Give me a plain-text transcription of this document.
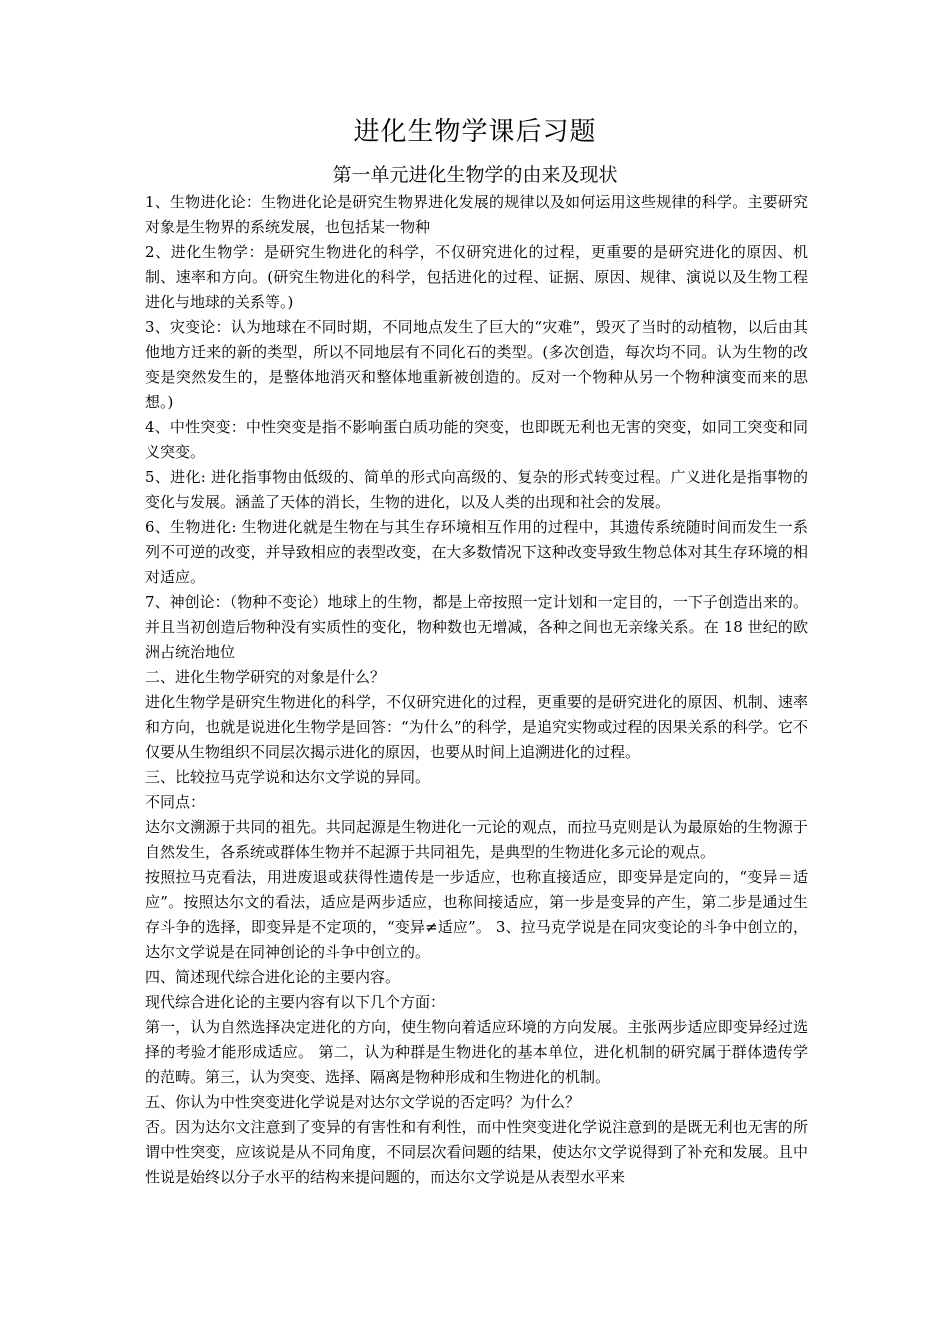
进化生物学课后习题
第一单元进化生物学的由来及现状

1、生物进化论：生物进化论是研究生物界进化发展的规律以及如何运用这些规律的科学。主要研究对象是生物界的系统发展，也包括某一物种

2、进化生物学：是研究生物进化的科学，不仅研究进化的过程，更重要的是研究进化的原因、机制、速率和方向。(研究生物进化的科学，包括进化的过程、证据、原因、规律、演说以及生物工程进化与地球的关系等。)

3、灾变论：认为地球在不同时期，不同地点发生了巨大的“灾难”，毁灭了当时的动植物，以后由其他地方迁来的新的类型，所以不同地层有不同化石的类型。(多次创造，每次均不同。认为生物的改变是突然发生的，是整体地消灭和整体地重新被创造的。反对一个物种从另一个物种演变而来的思想。)

4、中性突变：中性突变是指不影响蛋白质功能的突变，也即既无利也无害的突变，如同工突变和同义突变。

5、进化: 进化指事物由低级的、简单的形式向高级的、复杂的形式转变过程。广义进化是指事物的变化与发展。涵盖了天体的消长，生物的进化，以及人类的出现和社会的发展。

6、生物进化: 生物进化就是生物在与其生存环境相互作用的过程中，其遗传系统随时间而发生一系列不可逆的改变，并导致相应的表型改变，在大多数情况下这种改变导致生物总体对其生存环境的相对适应。

7、神创论：（物种不变论）地球上的生物，都是上帝按照一定计划和一定目的，一下子创造出来的。并且当初创造后物种没有实质性的变化，物种数也无增减，各种之间也无亲缘关系。在 18 世纪的欧洲占统治地位

二、进化生物学研究的对象是什么？

进化生物学是研究生物进化的科学，不仅研究进化的过程，更重要的是研究进化的原因、机制、速率和方向，也就是说进化生物学是回答：“为什么”的科学，是追究实物或过程的因果关系的科学。它不仅要从生物组织不同层次揭示进化的原因，也要从时间上追溯进化的过程。

三、比较拉马克学说和达尔文学说的异同。

不同点：

达尔文溯源于共同的祖先。共同起源是生物进化一元论的观点，而拉马克则是认为最原始的生物源于自然发生，各系统或群体生物并不起源于共同祖先，是典型的生物进化多元论的观点。

按照拉马克看法，用进废退或获得性遗传是一步适应，也称直接适应，即变异是定向的，“变异＝适应”。按照达尔文的看法，适应是两步适应，也称间接适应，第一步是变异的产生，第二步是通过生存斗争的选择，即变异是不定项的，“变异≠适应”。 3、拉马克学说是在同灾变论的斗争中创立的，达尔文学说是在同神创论的斗争中创立的。

四、简述现代综合进化论的主要内容。

现代综合进化论的主要内容有以下几个方面：

第一，认为自然选择决定进化的方向，使生物向着适应环境的方向发展。主张两步适应即变异经过选择的考验才能形成适应。 第二，认为种群是生物进化的基本单位，进化机制的研究属于群体遗传学的范畴。第三，认为突变、选择、隔离是物种形成和生物进化的机制。

五、你认为中性突变进化学说是对达尔文学说的否定吗？为什么？

否。因为达尔文注意到了变异的有害性和有利性，而中性突变进化学说注意到的是既无利也无害的所谓中性突变，应该说是从不同角度，不同层次看问题的结果，使达尔文学说得到了补充和发展。且中性说是始终以分子水平的结构来提问题的，而达尔文学说是从表型水平来
